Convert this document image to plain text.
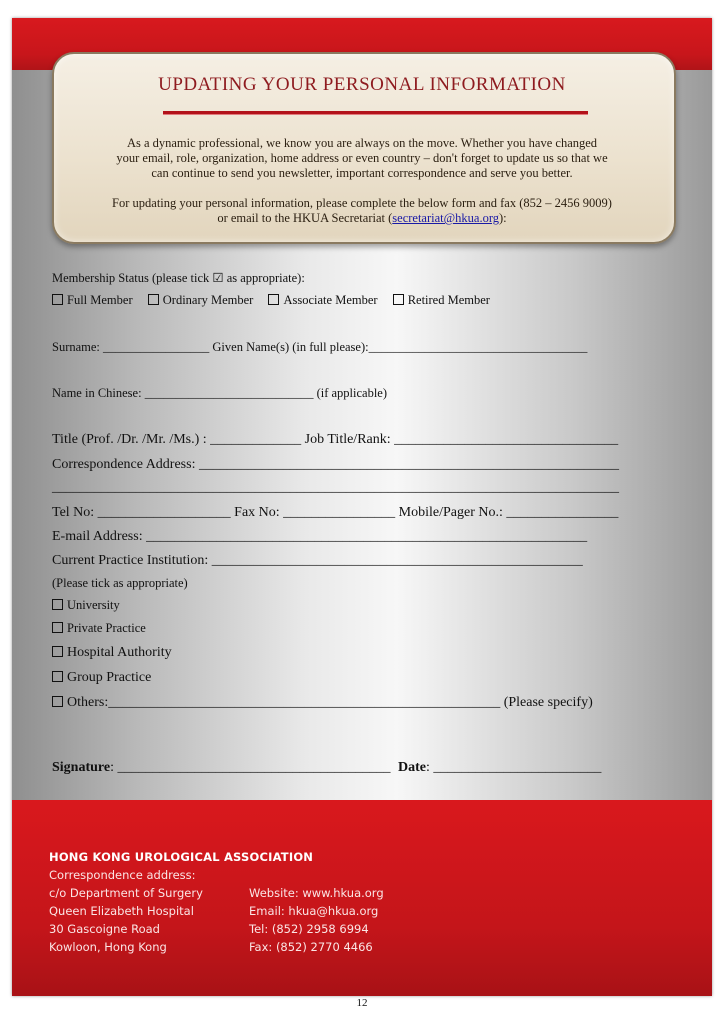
UPDATING YOUR PERSONAL INFORMATION
As a dynamic professional, we know you are always on the move. Whether you have changed
your email, role, organization, home address or even country – don't forget to update us so that we
can continue to send you newsletter, important correspondence and serve you better.
For updating your personal information, please complete the below form and fax (852 – 2456 9009)
or email to the HKUA Secretariat (secretariat@hkua.org):
Membership Status (please tick ☑ as appropriate):
Full Member Ordinary Member Associate Member Retired Member
Surname: _________________ Given Name(s) (in full please):___________________________________
Name in Chinese: ___________________________ (if applicable)
Title (Prof. /Dr. /Mr. /Ms.) : _____________ Job Title/Rank: ________________________________
Correspondence Address: ____________________________________________________________
_________________________________________________________________________________
Tel No: ___________________ Fax No: ________________ Mobile/Pager No.: ________________
E-mail Address: _______________________________________________________________
Current Practice Institution: _____________________________________________________
(Please tick as appropriate)
University
Private Practice
Hospital Authority
Group Practice
Others:________________________________________________________ (Please specify)
Signature: _______________________________________ Date: ________________________
HONG KONG UROLOGICAL ASSOCIATION
Correspondence address:
c/o Department of Surgery
Queen Elizabeth Hospital
30 Gascoigne Road
Kowloon, Hong Kong
Website: www.hkua.org
Email: hkua@hkua.org
Tel: (852) 2958 6994
Fax: (852) 2770 4466
12
